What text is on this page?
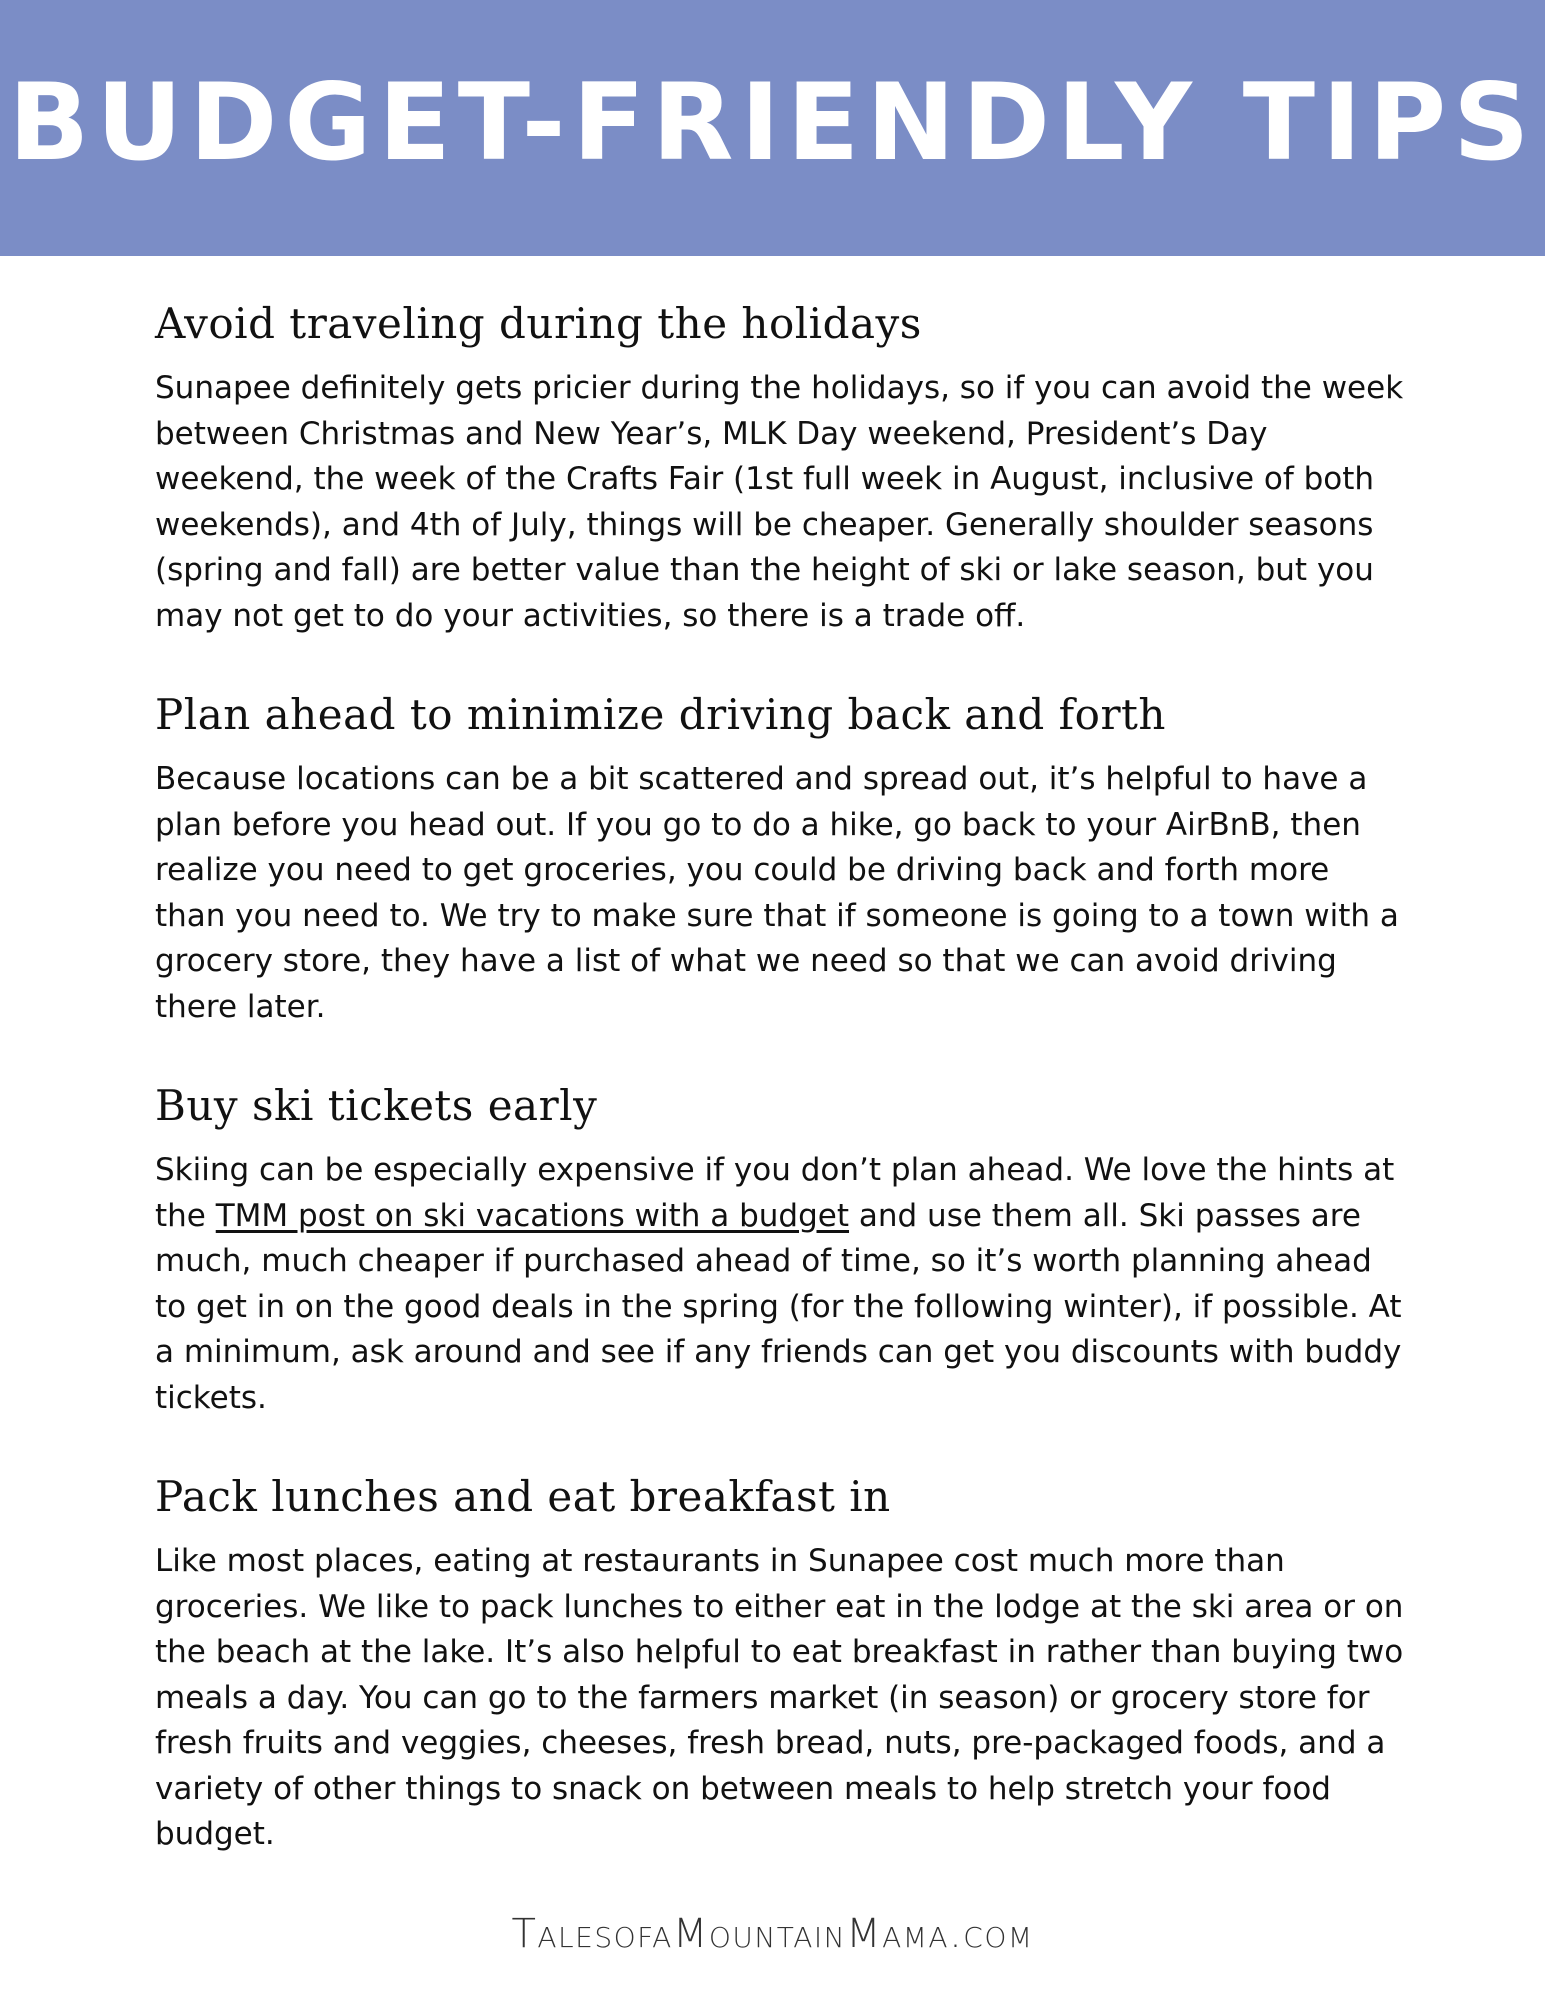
BUDGET-FRIENDLY TIPS
Avoid traveling during the holidays

Sunapee definitely gets pricier during the holidays, so if you can avoid the week between Christmas and New Year’s, MLK Day weekend, President’s Day weekend, the week of the Crafts Fair (1st full week in August, inclusive of both weekends), and 4th of July, things will be cheaper. Generally shoulder seasons (spring and fall) are better value than the height of ski or lake season, but you may not get to do your activities, so there is a trade off.

Plan ahead to minimize driving back and forth

Because locations can be a bit scattered and spread out, it’s helpful to have a plan before you head out. If you go to do a hike, go back to your AirBnB, then realize you need to get groceries, you could be driving back and forth more than you need to. We try to make sure that if someone is going to a town with a grocery store, they have a list of what we need so that we can avoid driving there later.

Buy ski tickets early

Skiing can be especially expensive if you don’t plan ahead. We love the hints at the TMM post on ski vacations with a budget and use them all. Ski passes are much, much cheaper if purchased ahead of time, so it’s worth planning ahead to get in on the good deals in the spring (for the following winter), if possible. At a minimum, ask around and see if any friends can get you discounts with buddy tickets.

Pack lunches and eat breakfast in

Like most places, eating at restaurants in Sunapee cost much more than groceries. We like to pack lunches to either eat in the lodge at the ski area or on the beach at the lake. It’s also helpful to eat breakfast in rather than buying two meals a day. You can go to the farmers market (in season) or grocery store for fresh fruits and veggies, cheeses, fresh bread, nuts, pre-packaged foods, and a variety of other things to snack on between meals to help stretch your food budget.

TalesofaMountainMama.com
